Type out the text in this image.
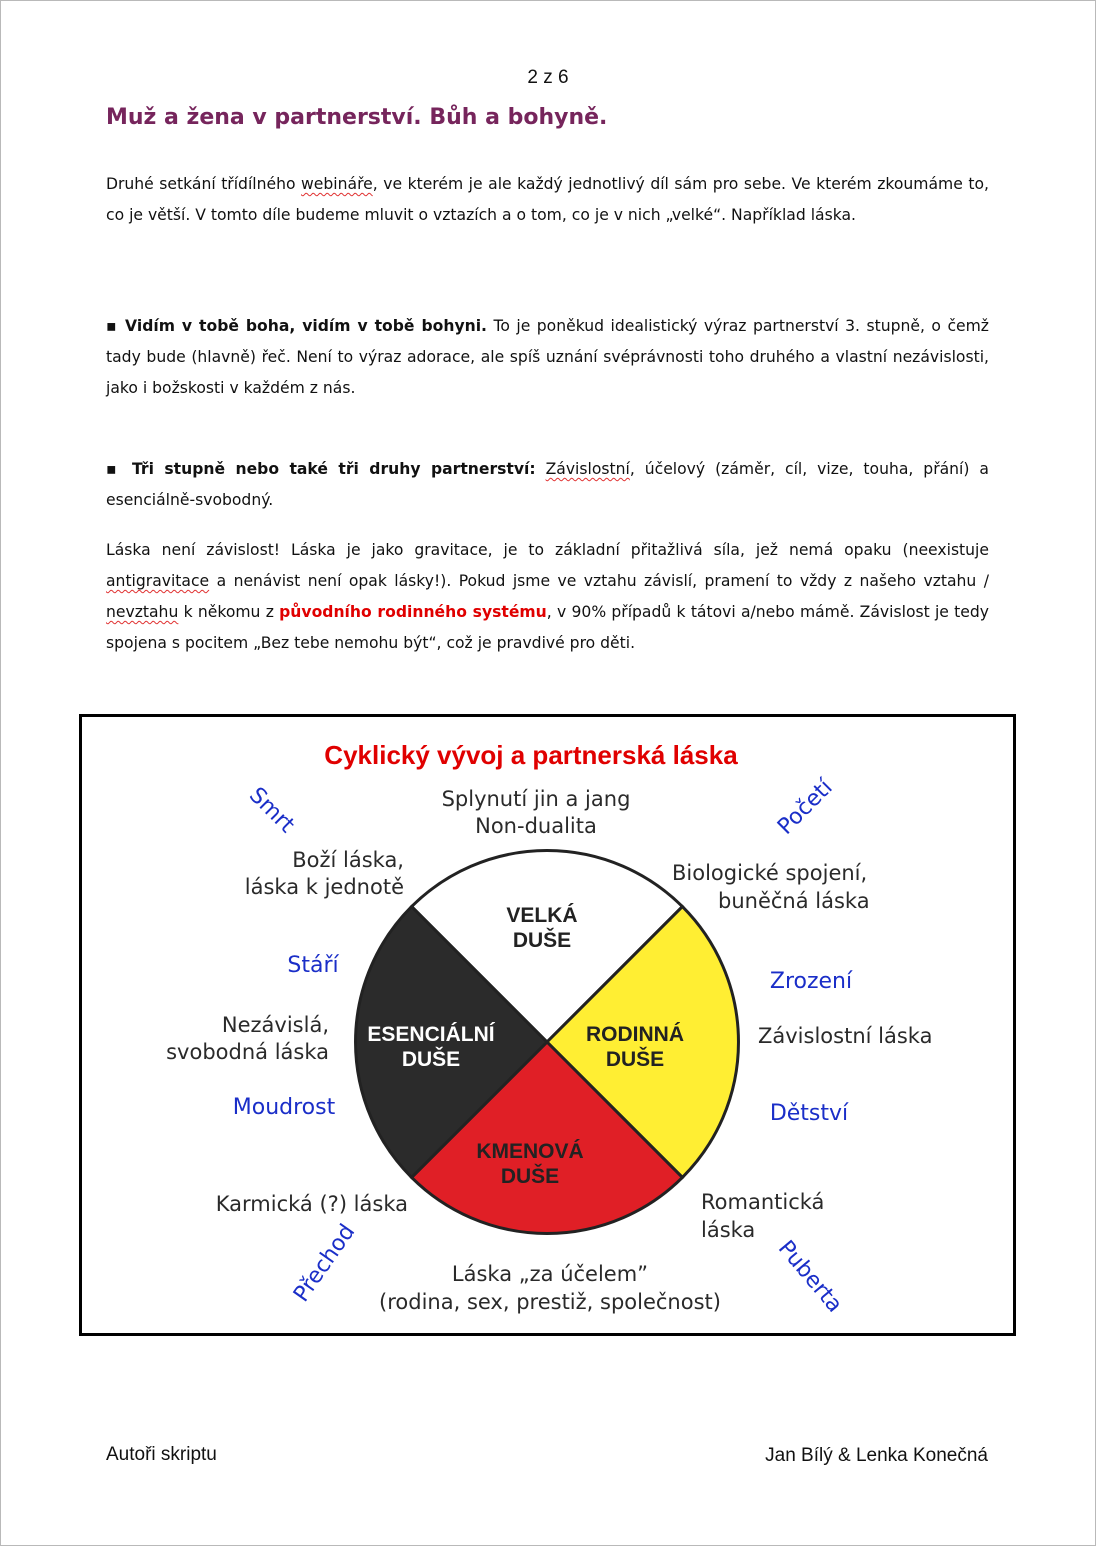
2 z 6
Muž a žena v partnerství. Bůh a bohyně.

Druhé setkání třídílného webináře, ve kterém je ale každý jednotlivý díl sám pro sebe. Ve kterém zkoumáme to, co je větší. V tomto díle budeme mluvit o vztazích a o tom, co je v nich „velké“. Například láska.

▪ Vidím v tobě boha, vidím v tobě bohyni. To je poněkud idealistický výraz partnerství 3. stupně, o čemž tady bude (hlavně) řeč. Není to výraz adorace, ale spíš uznání svéprávnosti toho druhého a vlastní nezávislosti, jako i božskosti v každém z nás.

▪ Tři stupně nebo také tři druhy partnerství: Závislostní, účelový (záměr, cíl, vize, touha, přání) a esenciálně-svobodný.

Láska není závislost! Láska je jako gravitace, je to základní přitažlivá síla, jež nemá opaku (neexistuje antigravitace a nenávist není opak lásky!). Pokud jsme ve vztahu závislí, pramení to vždy z našeho vztahu / nevztahu k někomu z původního rodinného systému, v 90% případů k tátovi a/nebo mámě. Závislost je tedy spojena s pocitem „Bez tebe nemohu být“, což je pravdivé pro děti.

Cyklický vývoj a partnerská láska
VELKÁ
DUŠE
RODINNÁ
DUŠE
KMENOVÁ
DUŠE
ESENCIÁLNÍ
DUŠE
Splynutí jin a jang
Non-dualita
Biologické spojení,
buněčná láska
Závislostní láska
Romantická
láska
Láska „za účelem”
(rodina, sex, prestiž, společnost)
Karmická (?) láska
Nezávislá,
svobodná láska
Boží láska,
láska k jednotě
Smrt	Početí
Zrození
Dětství
Puberta
Přechod
Moudrost
Stáří
Autoři skriptu	Jan Bílý & Lenka Konečná
